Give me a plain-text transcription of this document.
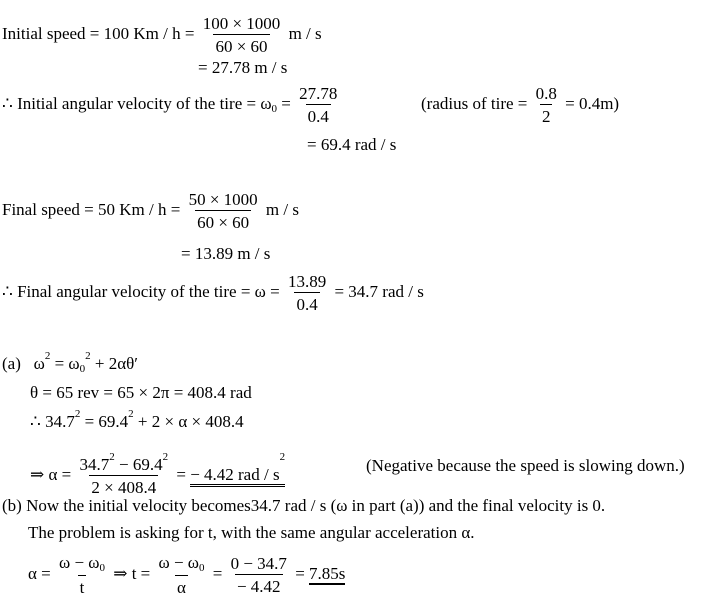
Initial speed = 100 $Km / h = \frac{100 \times 1000}{60 \times 60}$ m / s
= 27.78 m / s
∴ Initial angular velocity of the tire = $\omega_0 = \frac{27.78}{0.4}$	(radius of tire = $\frac{0.8}{2} = 0.4m$)
= 69.4 rad / s
Final speed = 50 $Km / h = \frac{50 \times 1000}{60 \times 60}$ m / s
= 13.89 m / s
∴ Final angular velocity of the tire = $\omega = \frac{13.89}{0.4} = 34.7$ rad / s
(a) $\omega^2 = \omega_0^2 + 2\alpha\theta'$
θ = 65 rev = 65 × 2π = 408.4 rad
∴ $34.7^2 = 69.4^2 + 2 \times \alpha \times 408.4$
⇒ $\alpha = \frac{34.7^2 - 69.4^2}{2 \times 408.4}$ = − 4.42 rad / $s^2$	(Negative because the speed is slowing down.)
(b) Now the initial velocity becomes34.7 rad / s (ω in part (a)) and the final velocity is 0.
The problem is asking for t, with the same angular acceleration α.
$\alpha = \frac{\omega - \omega_0}{t}$ ⇒ $t = \frac{\omega - \omega_0}{\alpha} = \frac{0 - 34.7}{- 4.42} = 7.85s$
